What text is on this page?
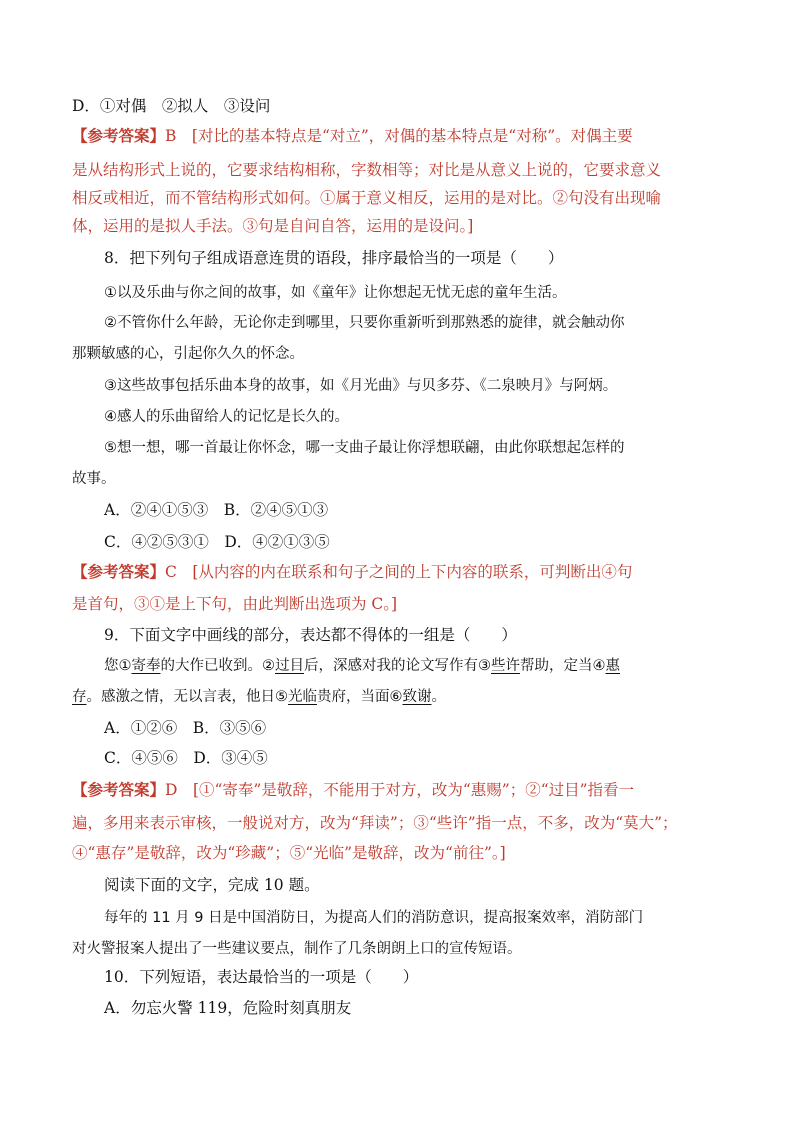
D．①对偶　②拟人　③设问
【参考答案】B　[对比的基本特点是“对立”，对偶的基本特点是“对称”。对偶主要
是从结构形式上说的，它要求结构相称，字数相等；对比是从意义上说的，它要求意义
相反或相近，而不管结构形式如何。①属于意义相反，运用的是对比。②句没有出现喻
体，运用的是拟人手法。③句是自问自答，运用的是设问。]
8．把下列句子组成语意连贯的语段，排序最恰当的一项是（　　）
①以及乐曲与你之间的故事，如《童年》让你想起无忧无虑的童年生活。
②不管你什么年龄，无论你走到哪里，只要你重新听到那熟悉的旋律，就会触动你
那颗敏感的心，引起你久久的怀念。
③这些故事包括乐曲本身的故事，如《月光曲》与贝多芬、《二泉映月》与阿炳。
④感人的乐曲留给人的记忆是长久的。
⑤想一想，哪一首最让你怀念，哪一支曲子最让你浮想联翩，由此你联想起怎样的
故事。
A．②④①⑤③　B．②④⑤①③
C．④②⑤③①　D．④②①③⑤
【参考答案】C　[从内容的内在联系和句子之间的上下内容的联系，可判断出④句
是首句，③①是上下句，由此判断出选项为 C。]
9．下面文字中画线的部分，表达都不得体的一组是（　　）
您①寄奉的大作已收到。②过目后，深感对我的论文写作有③些许帮助，定当④惠
存。感激之情，无以言表，他日⑤光临贵府，当面⑥致谢。
A．①②⑥　B．③⑤⑥
C．④⑤⑥　D．③④⑤
【参考答案】D　[①“寄奉”是敬辞，不能用于对方，改为“惠赐”；②“过目”指看一
遍，多用来表示审核，一般说对方，改为“拜读”；③“些许”指一点，不多，改为“莫大”；
④“惠存”是敬辞，改为“珍藏”；⑤“光临”是敬辞，改为“前往”。]
阅读下面的文字，完成 10 题。
每年的 11 月 9 日是中国消防日，为提高人们的消防意识，提高报案效率，消防部门
对火警报案人提出了一些建议要点，制作了几条朗朗上口的宣传短语。
10．下列短语，表达最恰当的一项是（　　）
A．勿忘火警 119，危险时刻真朋友
